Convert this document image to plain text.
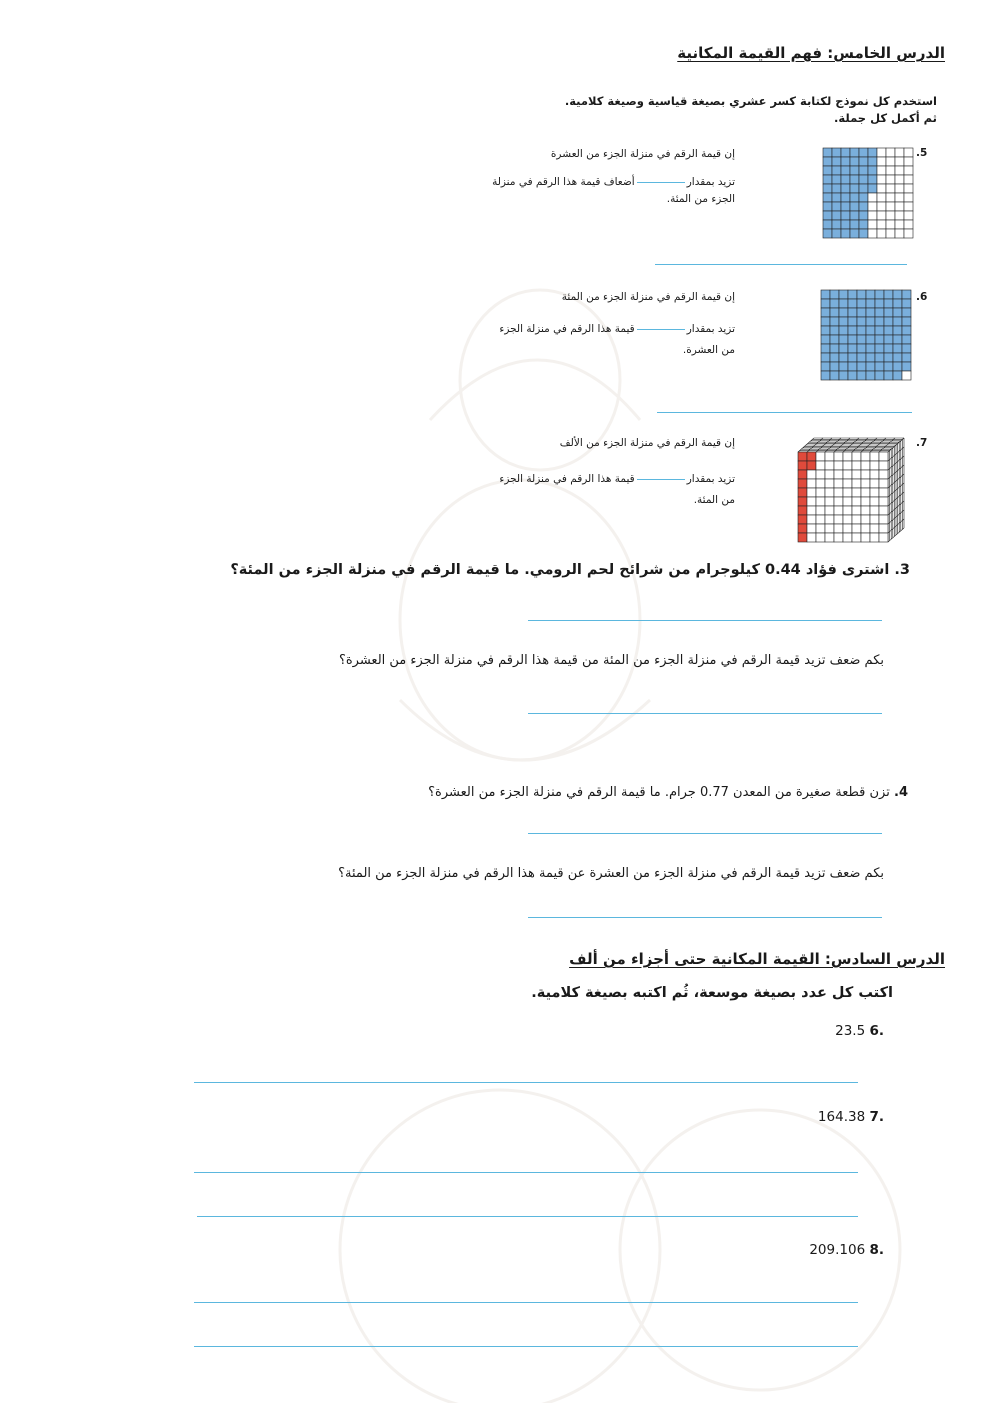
الدرس الخامس: فهم القيمة المكانية
استخدم كل نموذج لكتابة كسر عشري بصيغة قياسية وصيغة كلامية.
ثم أكمل كل جملة.
5.
إن قيمة الرقم في منزلة الجزء من العشرة
تزيد بمقدارأضعاف قيمة هذا الرقم في منزلة
الجزء من المئة.
6.
إن قيمة الرقم في منزلة الجزء من المئة
تزيد بمقدارقيمة هذا الرقم في منزلة الجزء
من العشرة.
7.
إن قيمة الرقم في منزلة الجزء من الألف
تزيد بمقدارقيمة هذا الرقم في منزلة الجزء
من المئة.
3. اشترى فؤاد 0.44 كيلوجرام من شرائح لحم الرومي. ما قيمة الرقم في منزلة الجزء من المئة؟
بكم ضعف تزيد قيمة الرقم في منزلة الجزء من المئة من قيمة هذا الرقم في منزلة الجزء من العشرة؟
4. تزن قطعة صغيرة من المعدن 0.77 جرام. ما قيمة الرقم في منزلة الجزء من العشرة؟
بكم ضعف تزيد قيمة الرقم في منزلة الجزء من العشرة عن قيمة هذا الرقم في منزلة الجزء من المئة؟
الدرس السادس: القيمة المكانية حتى أجزاء من ألف
اكتب كل عدد بصيغة موسعة، ثُم اكتبه بصيغة كلامية.
23.5 6.
164.38 7.
209.106 8.
